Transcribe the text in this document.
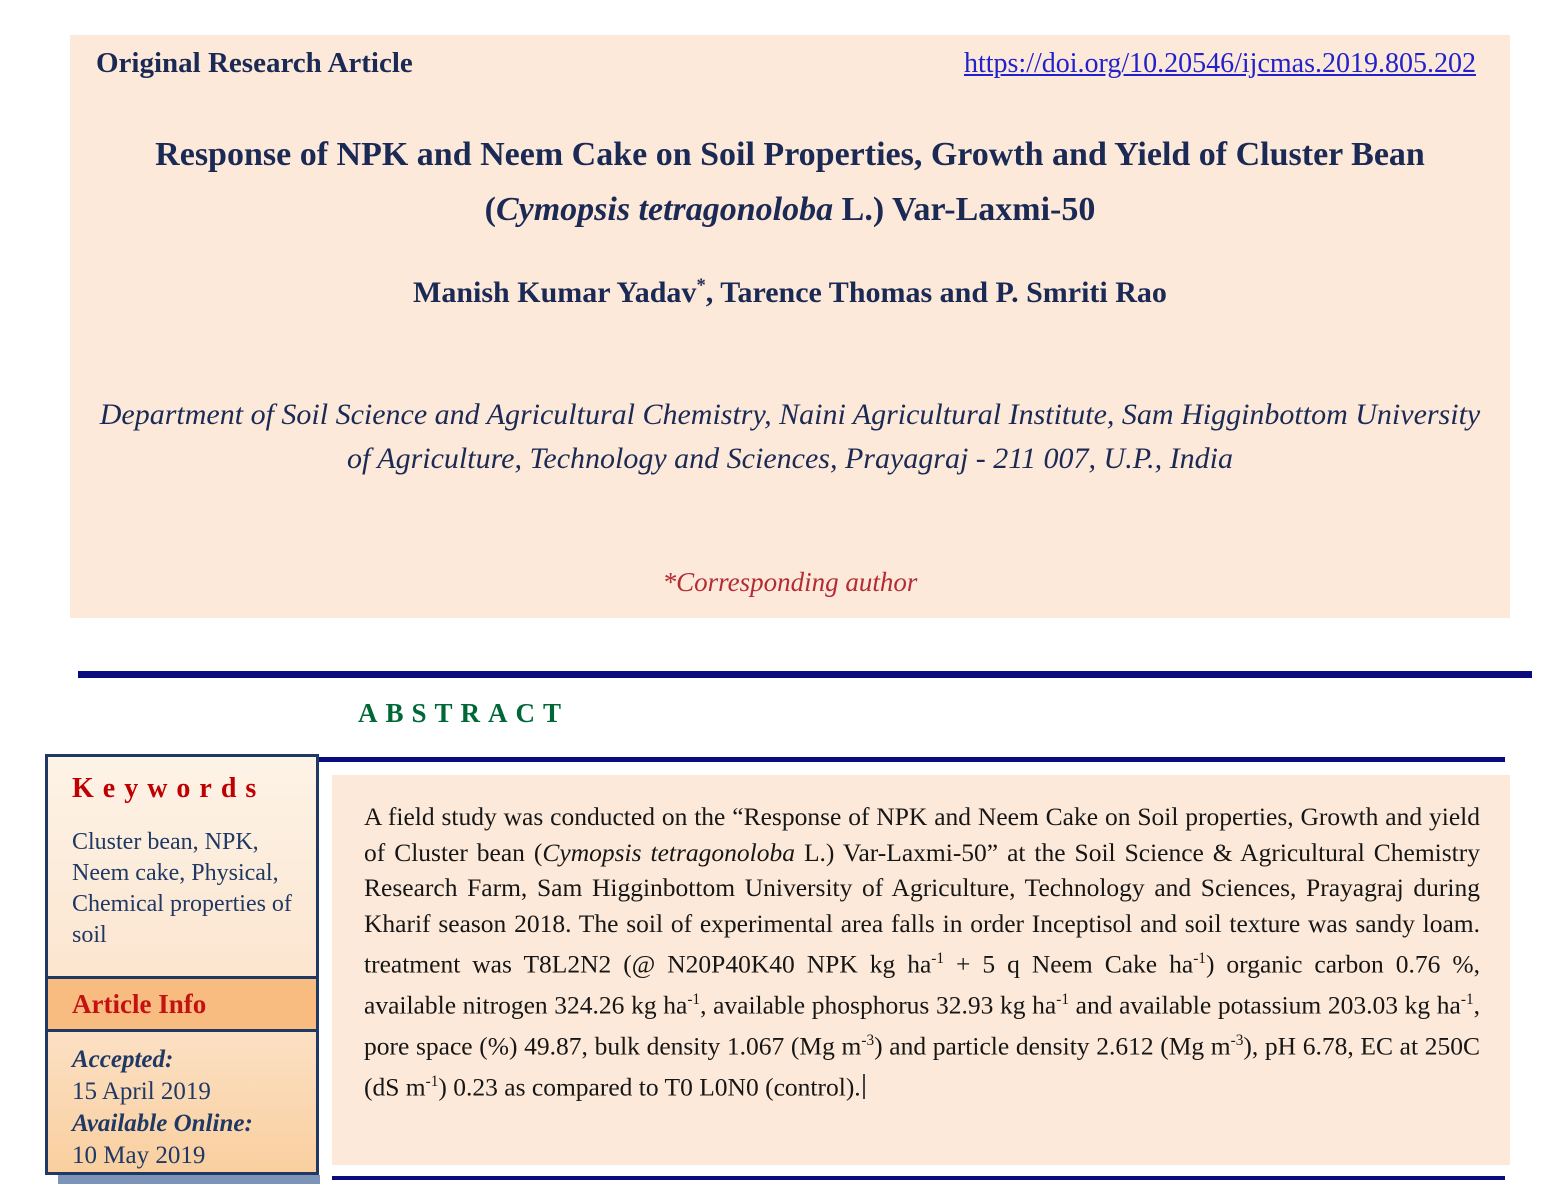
Original Research Article	https://doi.org/10.20546/ijcmas.2019.805.202
Response of NPK and Neem Cake on Soil Properties, Growth and Yield of Cluster Bean (Cymopsis tetragonoloba L.) Var-Laxmi-50
Manish Kumar Yadav*, Tarence Thomas and P. Smriti Rao
Department of Soil Science and Agricultural Chemistry, Naini Agricultural Institute, Sam Higginbottom University of Agriculture, Technology and Sciences, Prayagraj - 211 007, U.P., India
*Corresponding author
ABSTRACT
Keywords
Cluster bean, NPK, Neem cake, Physical, Chemical properties of soil
Article Info
Accepted:
15 April 2019
Available Online:
10 May 2019
A field study was conducted on the “Response of NPK and Neem Cake on Soil properties, Growth and yield of Cluster bean (Cymopsis tetragonoloba L.) Var-Laxmi-50” at the Soil Science & Agricultural Chemistry Research Farm, Sam Higginbottom University of Agriculture, Technology and Sciences, Prayagraj during Kharif season 2018. The soil of experimental area falls in order Inceptisol and soil texture was sandy loam. treatment was T8L2N2 (@ N20P40K40 NPK kg $ha^{-1} + 5$ q Neem Cake $ha^{-1}$) organic carbon 0.76 %, available nitrogen 324.26 kg $ha^{-1}$, available phosphorus 32.93 kg $ha^{-1}$ and available potassium 203.03 kg $ha^{-1}$, pore space (%) 49.87, bulk density 1.067 (Mg $m^{-3}$) and particle density 2.612 (Mg $m^{-3}$), pH 6.78, EC at 250C (dS $m^{-1}$) 0.23 as compared to T0 L0N0 (control).
